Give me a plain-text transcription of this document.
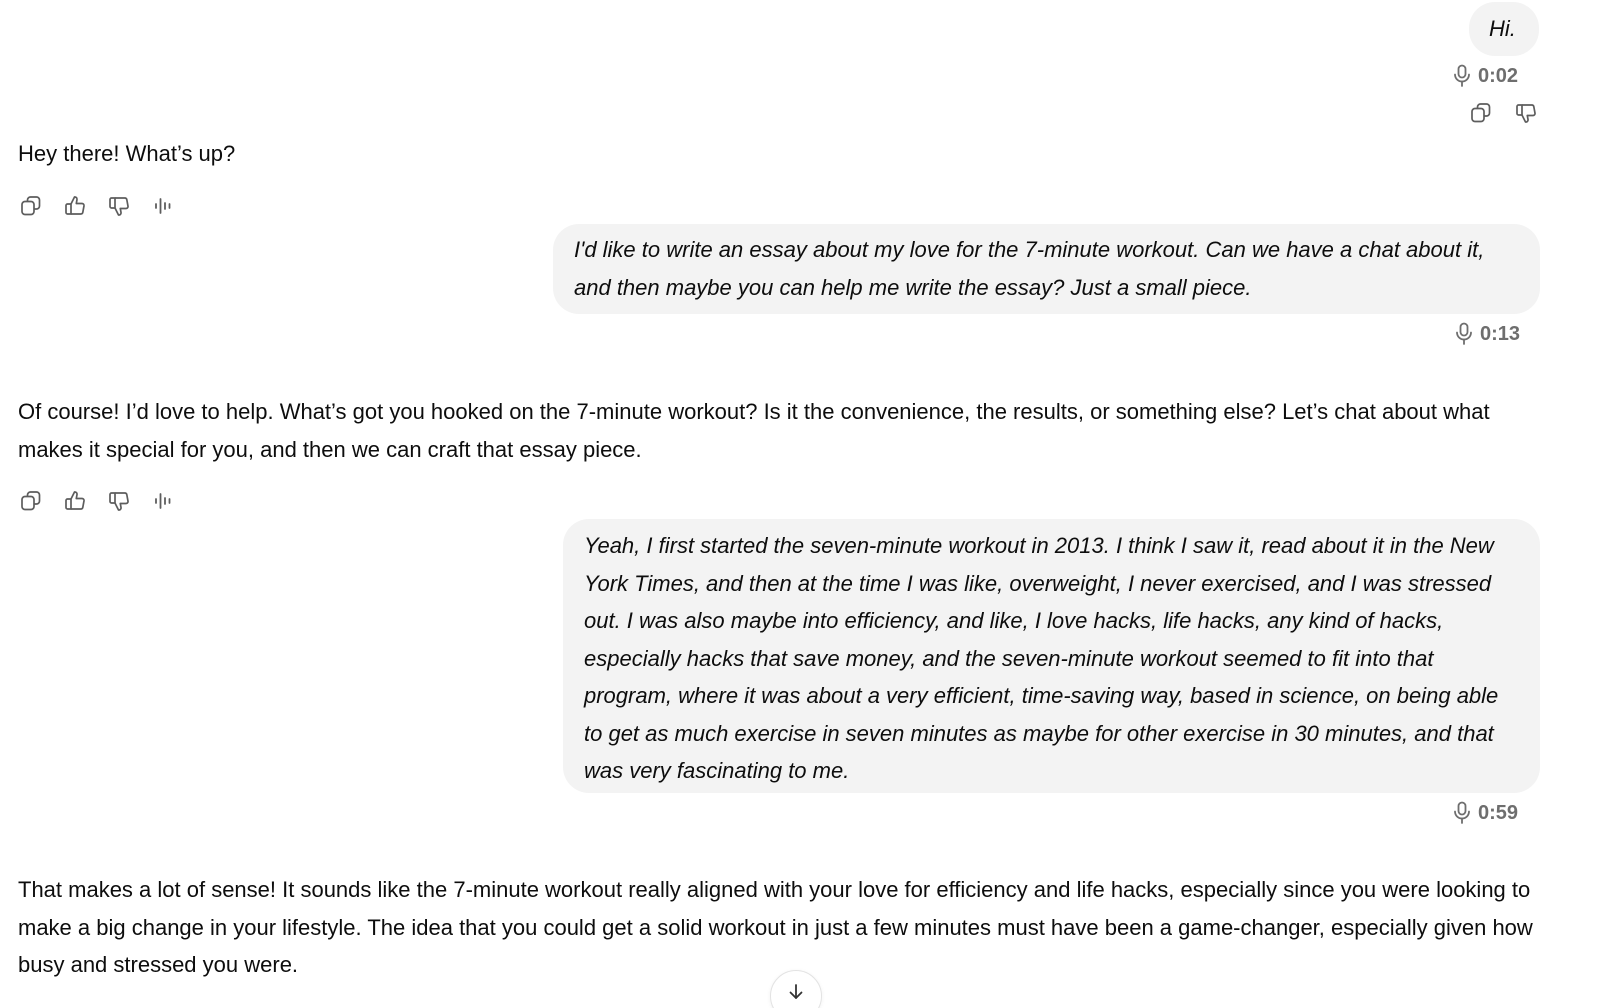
Hi.
0:02
Hey there! What’s up?
I'd like to write an essay about my love for the 7-minute workout. Can we have a chat about it, and then maybe you can help me write the essay? Just a small piece.
0:13
Of course! I’d love to help. What’s got you hooked on the 7-minute workout? Is it the convenience, the results, or something else? Let’s chat about what makes it special for you, and then we can craft that essay piece.
Yeah, I first started the seven-minute workout in 2013. I think I saw it, read about it in the New York Times, and then at the time I was like, overweight, I never exercised, and I was stressed out. I was also maybe into efficiency, and like, I love hacks, life hacks, any kind of hacks, especially hacks that save money, and the seven-minute workout seemed to fit into that program, where it was about a very efficient, time-saving way, based in science, on being able to get as much exercise in seven minutes as maybe for other exercise in 30 minutes, and that was very fascinating to me.
0:59
That makes a lot of sense! It sounds like the 7-minute workout really aligned with your love for efficiency and life hacks, especially since you were looking to make a big change in your lifestyle. The idea that you could get a solid workout in just a few minutes must have been a game-changer, especially given how busy and stressed you were.
